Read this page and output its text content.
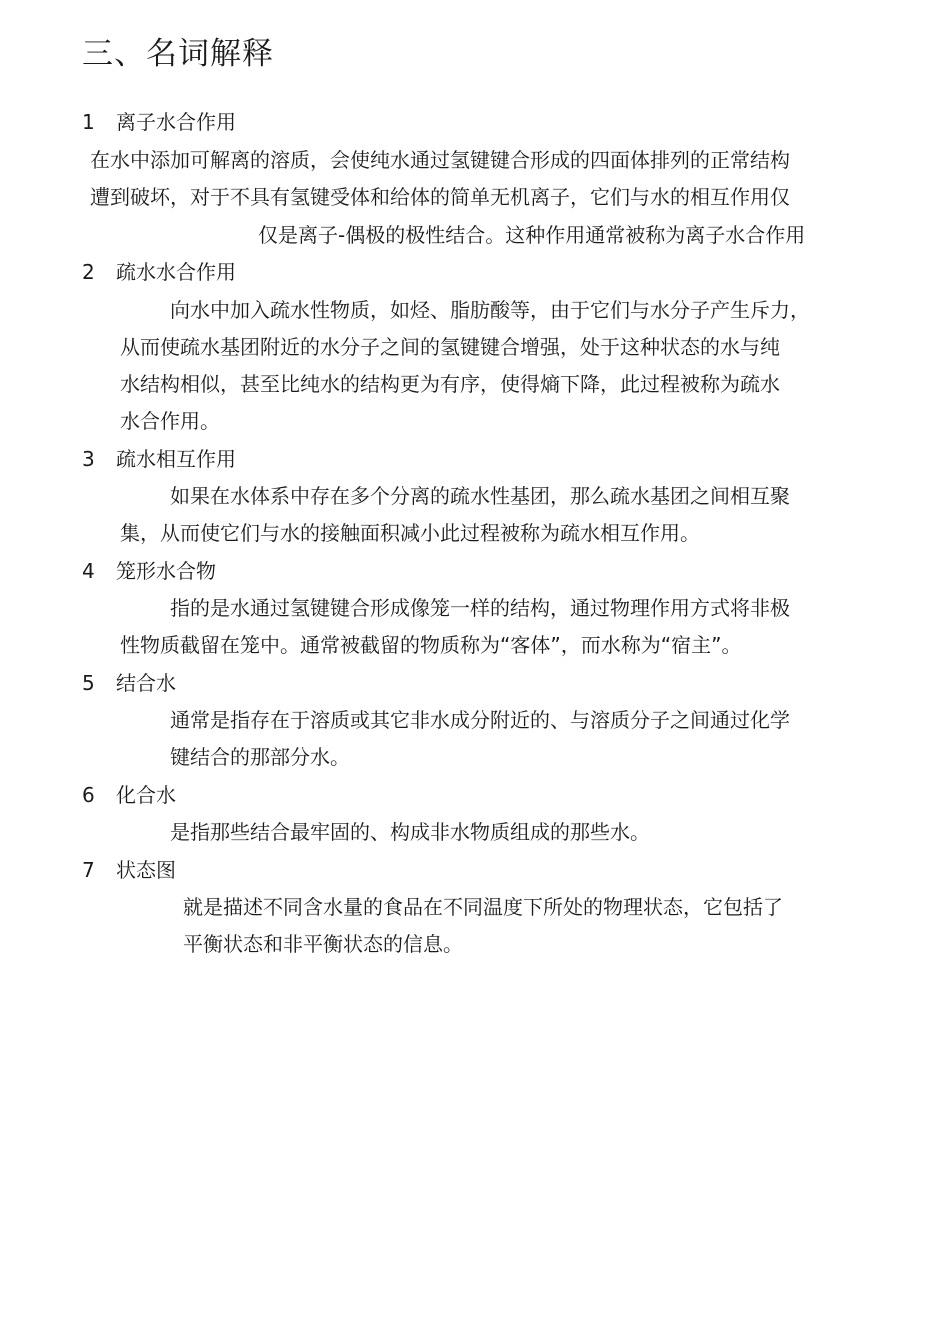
三、名词解释
1 离子水合作用
在水中添加可解离的溶质，会使纯水通过氢键键合形成的四面体排列的正常结构
遭到破坏，对于不具有氢键受体和给体的简单无机离子，它们与水的相互作用仅
仅是离子-偶极的极性结合。这种作用通常被称为离子水合作用
2 疏水水合作用
向水中加入疏水性物质，如烃、脂肪酸等，由于它们与水分子产生斥力，
从而使疏水基团附近的水分子之间的氢键键合增强，处于这种状态的水与纯
水结构相似，甚至比纯水的结构更为有序，使得熵下降，此过程被称为疏水
水合作用。
3 疏水相互作用
如果在水体系中存在多个分离的疏水性基团，那么疏水基团之间相互聚
集，从而使它们与水的接触面积减小此过程被称为疏水相互作用。
4 笼形水合物
指的是水通过氢键键合形成像笼一样的结构，通过物理作用方式将非极
性物质截留在笼中。通常被截留的物质称为“客体”，而水称为“宿主”。
5 结合水
通常是指存在于溶质或其它非水成分附近的、与溶质分子之间通过化学
键结合的那部分水。
6 化合水
是指那些结合最牢固的、构成非水物质组成的那些水。
7 状态图
就是描述不同含水量的食品在不同温度下所处的物理状态，它包括了
平衡状态和非平衡状态的信息。
